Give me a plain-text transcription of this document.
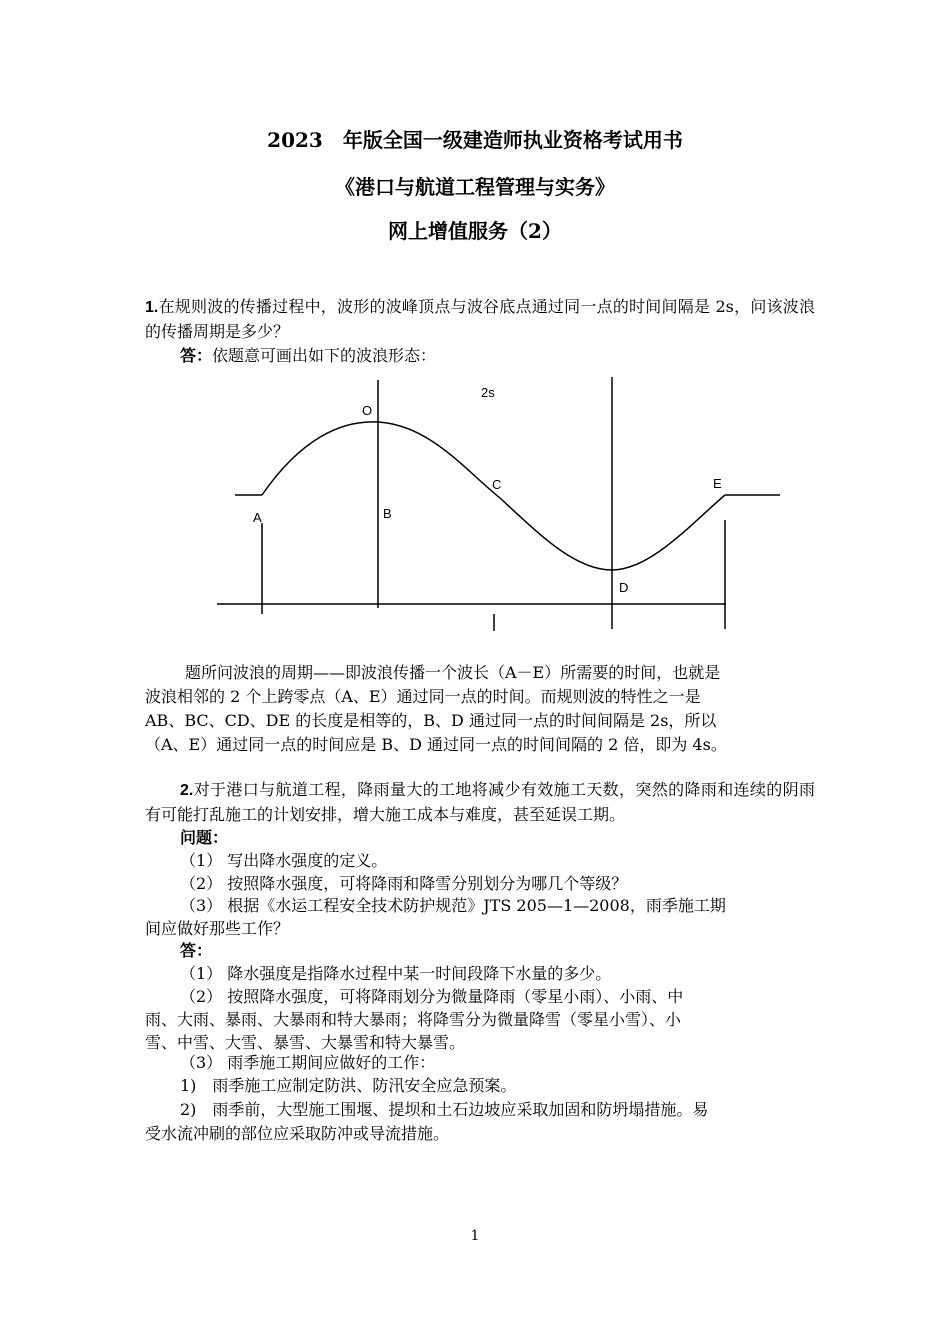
2023　年版全国一级建造师执业资格考试用书
《港口与航道工程管理与实务》
网上增值服务（2）
1.在规则波的传播过程中，波形的波峰顶点与波谷底点通过同一点的时间间隔是 2s，问该波浪的传播周期是多少？
答：依题意可画出如下的波浪形态：
2s
O
A	B
C
D
E
题所问波浪的周期——即波浪传播一个波长（A－E）所需要的时间，也就是
波浪相邻的 2 个上跨零点（A、E）通过同一点的时间。而规则波的特性之一是
AB、BC、CD、DE 的长度是相等的，B、D 通过同一点的时间间隔是 2s，所以
（A、E）通过同一点的时间应是 B、D 通过同一点的时间间隔的 2 倍，即为 4s。
2.对于港口与航道工程，降雨量大的工地将减少有效施工天数，突然的降雨和连续的阴雨有可能打乱施工的计划安排，增大施工成本与难度，甚至延误工期。
问题：
（1） 写出降水强度的定义。
（2） 按照降水强度，可将降雨和降雪分别划分为哪几个等级？
（3） 根据《水运工程安全技术防护规范》JTS 205—1—2008，雨季施工期
间应做好那些工作？
答：
（1） 降水强度是指降水过程中某一时间段降下水量的多少。
（2） 按照降水强度，可将降雨划分为微量降雨（零星小雨）、小雨、中
雨、大雨、暴雨、大暴雨和特大暴雨；将降雪分为微量降雪（零星小雪）、小
雪、中雪、大雪、暴雪、大暴雪和特大暴雪。
（3） 雨季施工期间应做好的工作：
1)　雨季施工应制定防洪、防汛安全应急预案。
2)　雨季前，大型施工围堰、提坝和土石边坡应采取加固和防坍塌措施。易
受水流冲刷的部位应采取防冲或导流措施。
1
